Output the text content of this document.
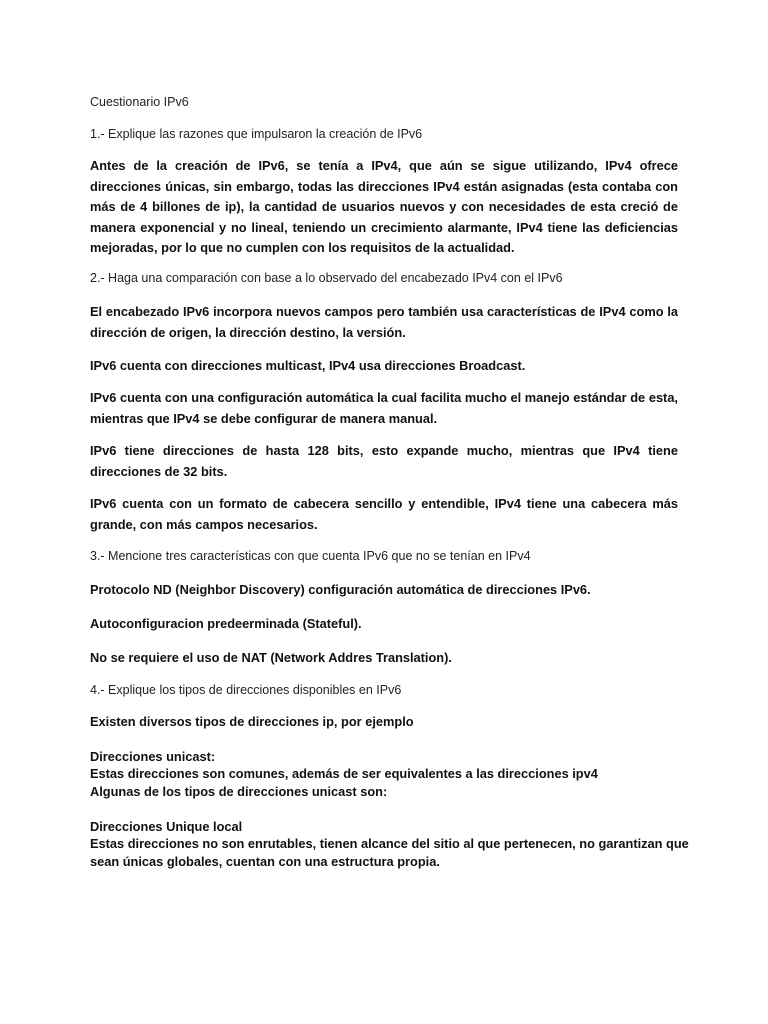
Cuestionario IPv6

1.- Explique las razones que impulsaron la creación de IPv6

Antes de la creación de IPv6, se tenía a IPv4, que aún se sigue utilizando, IPv4 ofrece direcciones únicas, sin embargo, todas las direcciones IPv4 están asignadas (esta contaba con más de 4 billones de ip), la cantidad de usuarios nuevos y con necesidades de esta creció de manera exponencial y no lineal, teniendo un crecimiento alarmante, IPv4 tiene las deficiencias mejoradas, por lo que no cumplen con los requisitos de la actualidad.

2.- Haga una comparación con base a lo observado del encabezado IPv4 con el IPv6

El encabezado IPv6 incorpora nuevos campos pero también usa características de IPv4 como la dirección de origen, la dirección destino, la versión.

IPv6 cuenta con direcciones multicast, IPv4 usa direcciones Broadcast.

IPv6 cuenta con una configuración automática la cual facilita mucho el manejo estándar de esta, mientras que IPv4 se debe configurar de manera manual.

IPv6 tiene direcciones de hasta 128 bits, esto expande mucho, mientras que IPv4 tiene direcciones de 32 bits.

IPv6 cuenta con un formato de cabecera sencillo y entendible, IPv4 tiene una cabecera más grande, con más campos necesarios.

3.- Mencione tres características con que cuenta IPv6 que no se tenían en IPv4

Protocolo ND (Neighbor Discovery) configuración automática de direcciones IPv6.

Autoconfiguracion predeerminada (Stateful).

No se requiere el uso de NAT (Network Addres Translation).

4.- Explique los tipos de direcciones disponibles en IPv6

Existen diversos tipos de direcciones ip, por ejemplo

Direcciones unicast:
Estas direcciones son comunes, además de ser equivalentes a las direcciones ipv4
Algunas de los tipos de direcciones unicast son:
Direcciones Unique local
Estas direcciones no son enrutables, tienen alcance del sitio al que pertenecen, no garantizan que
sean únicas globales, cuentan con una estructura propia.
